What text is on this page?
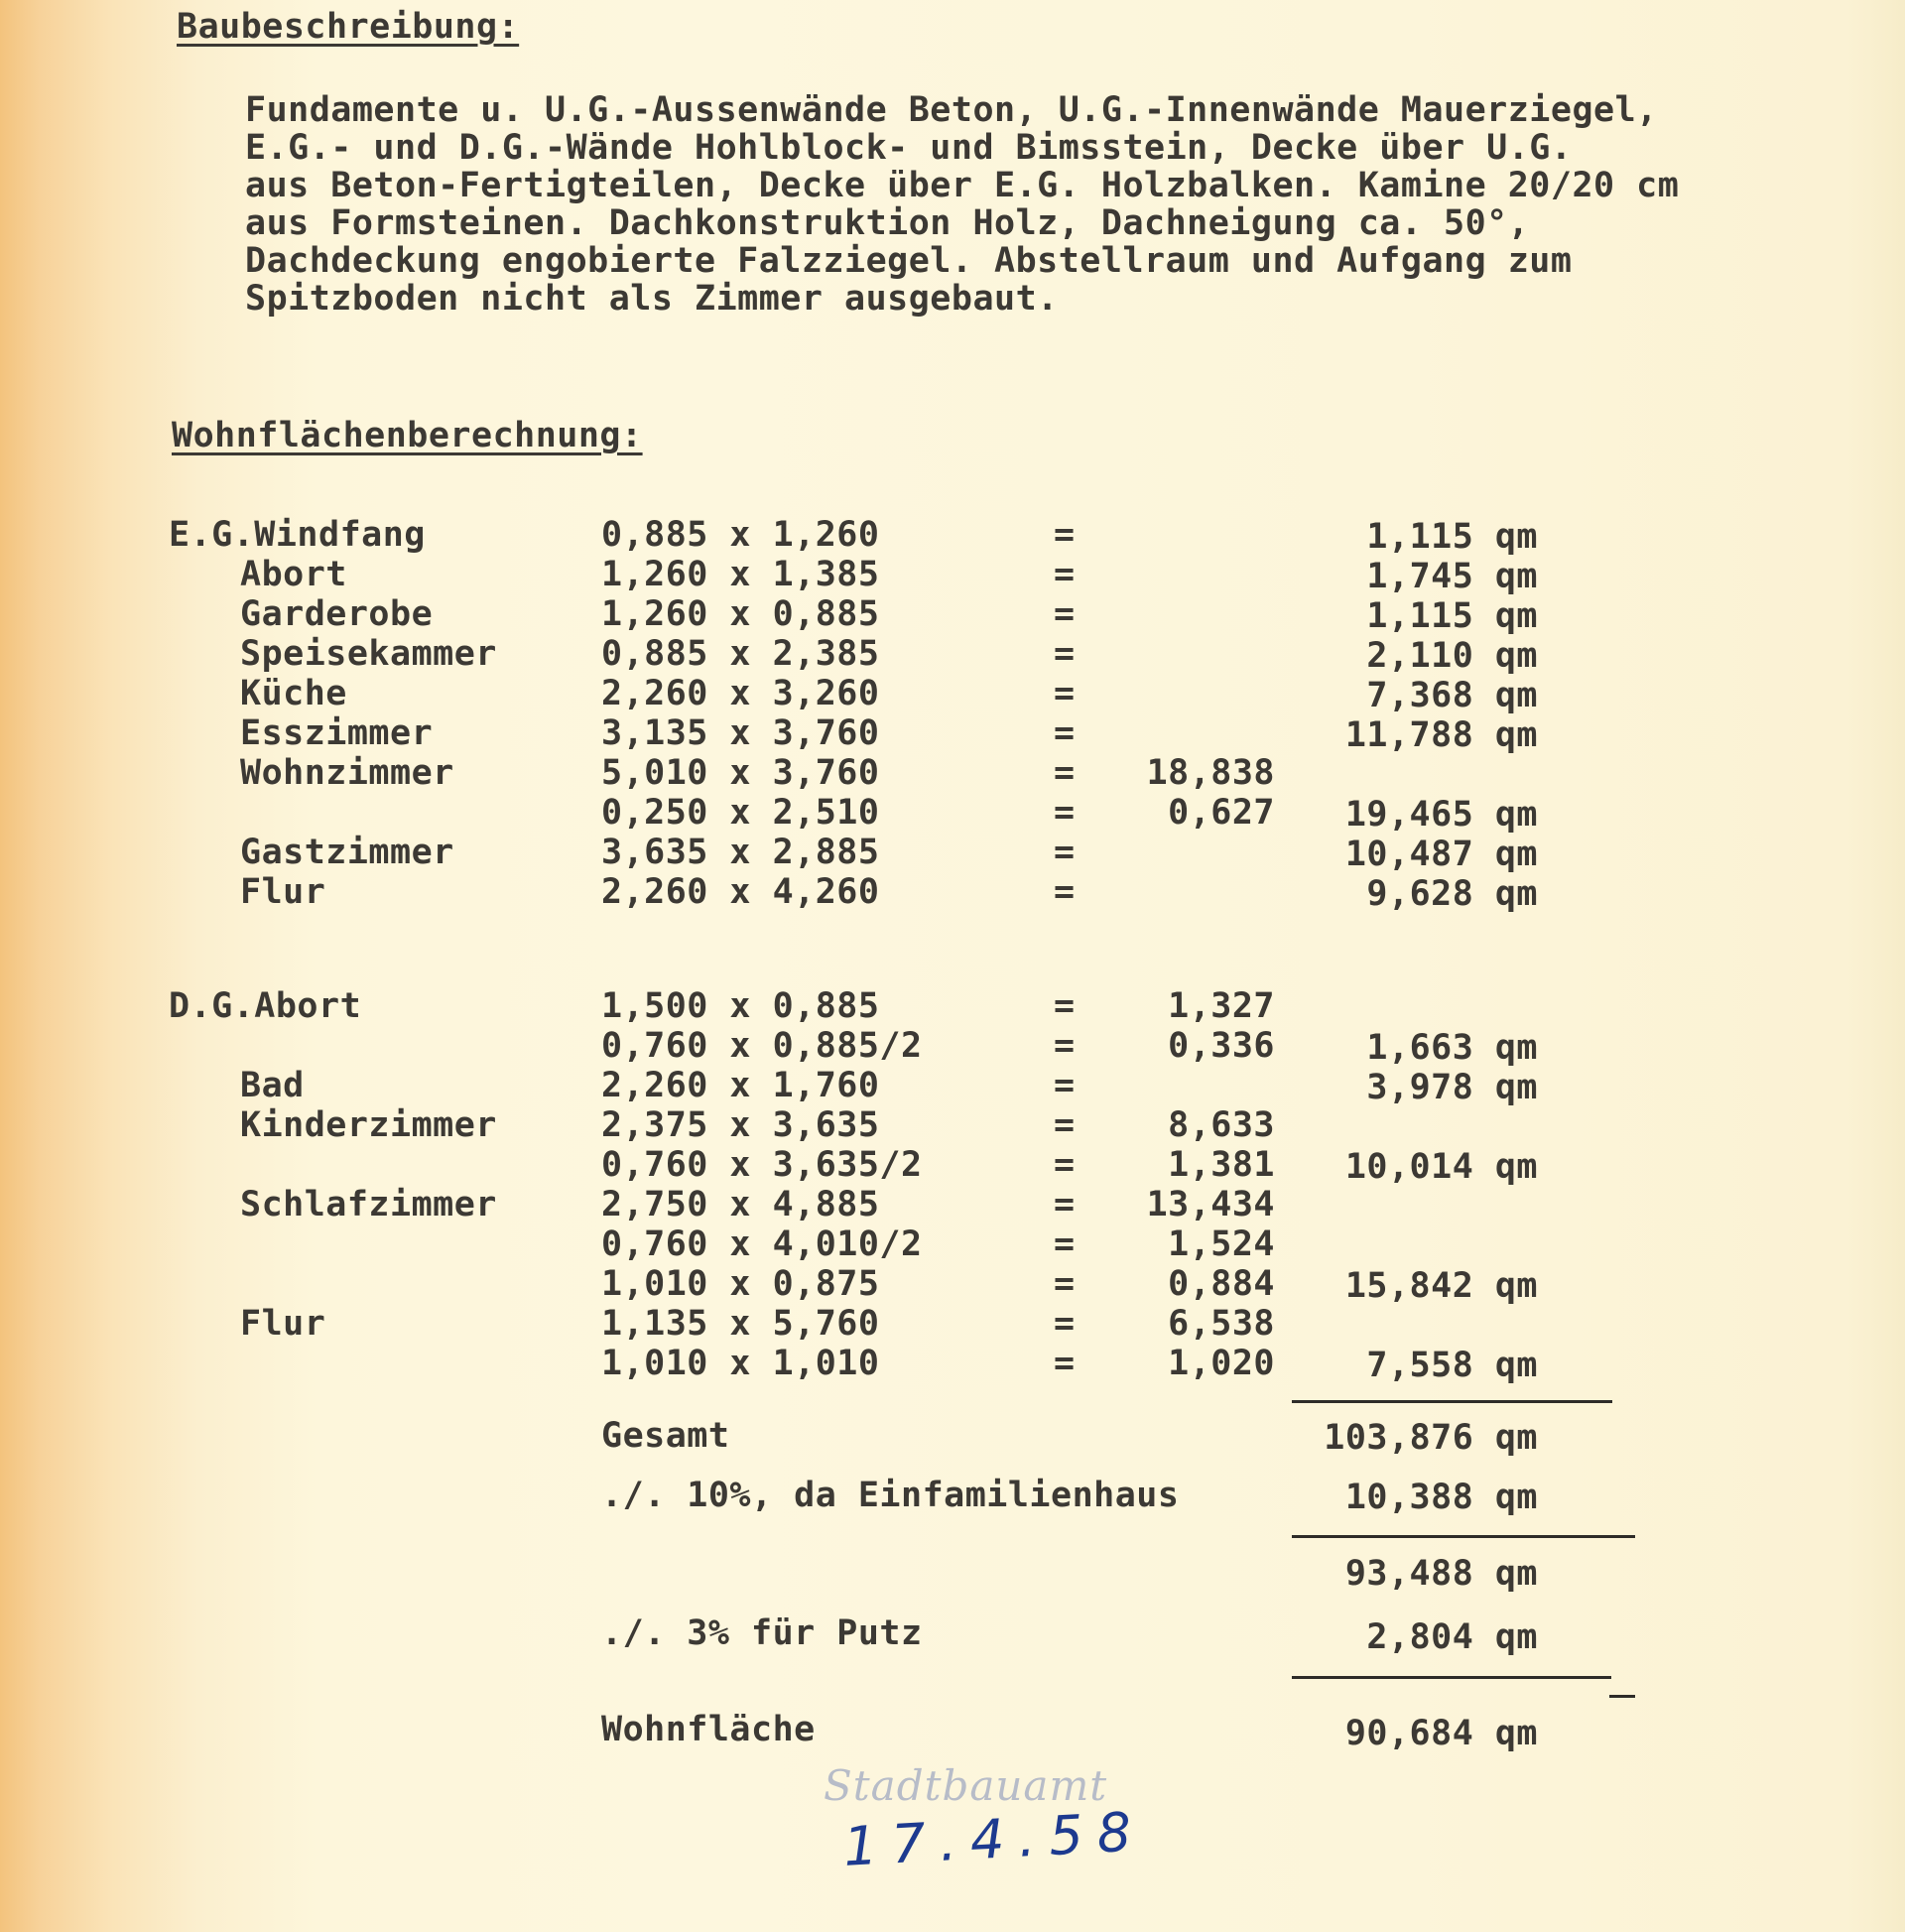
Baubeschreibung:
Fundamente u. U.G.-Aussenwände Beton, U.G.-Innenwände Mauerziegel,
E.G.- und D.G.-Wände Hohlblock- und Bimsstein, Decke über U.G.
aus Beton-Fertigteilen, Decke über E.G. Holzbalken. Kamine 20/20 cm
aus Formsteinen. Dachkonstruktion Holz, Dachneigung ca. 50°,
Dachdeckung engobierte Falzziegel. Abstellraum und Aufgang zum
Spitzboden nicht als Zimmer ausgebaut.
Wohnflächenberechnung:
E.G.Windfang	0,885 x 1,260	=	1,115 qm
Abort	1,260 x 1,385	=	1,745 qm
Garderobe	1,260 x 0,885	=	1,115 qm
Speisekammer	0,885 x 2,385	=	2,110 qm
Küche	2,260 x 3,260	=	7,368 qm
Esszimmer	3,135 x 3,760	=	11,788 qm
Wohnzimmer	5,010 x 3,760	=	18,838
0,250 x 2,510	=	0,627	19,465 qm
Gastzimmer	3,635 x 2,885	=	10,487 qm
Flur	2,260 x 4,260	=	9,628 qm
D.G.Abort	1,500 x 0,885	=	1,327
0,760 x 0,885/2	=	0,336	1,663 qm
Bad	2,260 x 1,760	=	3,978 qm
Kinderzimmer	2,375 x 3,635	=	8,633
0,760 x 3,635/2	=	1,381	10,014 qm
Schlafzimmer	2,750 x 4,885	=	13,434
0,760 x 4,010/2	=	1,524
1,010 x 0,875	=	0,884	15,842 qm
Flur	1,135 x 5,760	=	6,538
1,010 x 1,010	=	1,020	7,558 qm
Gesamt	103,876 qm
./. 10%, da Einfamilienhaus	10,388 qm
93,488 qm
./. 3% für Putz	2,804 qm
Wohnfläche	90,684 qm
Stadtbauamt
17.4.58
